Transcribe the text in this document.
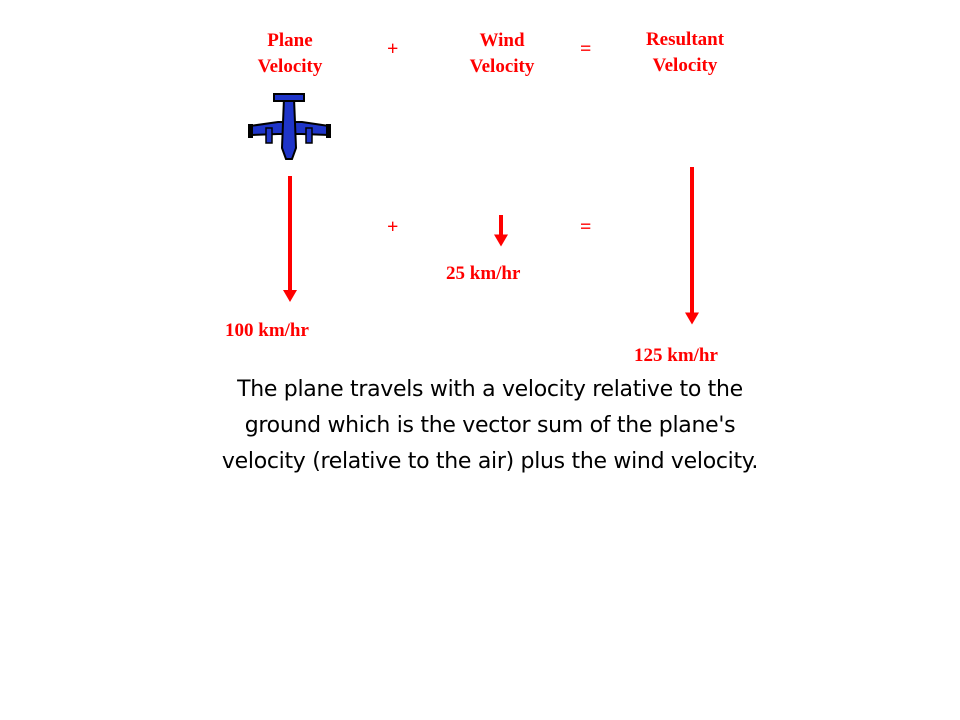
Plane
Velocity
+	Wind
Velocity
=	Resultant
Velocity
+	=
100 km/hr
25 km/hr
125 km/hr
The plane travels with a velocity relative to the
ground which is the vector sum of the plane's
velocity (relative to the air) plus the wind velocity.
